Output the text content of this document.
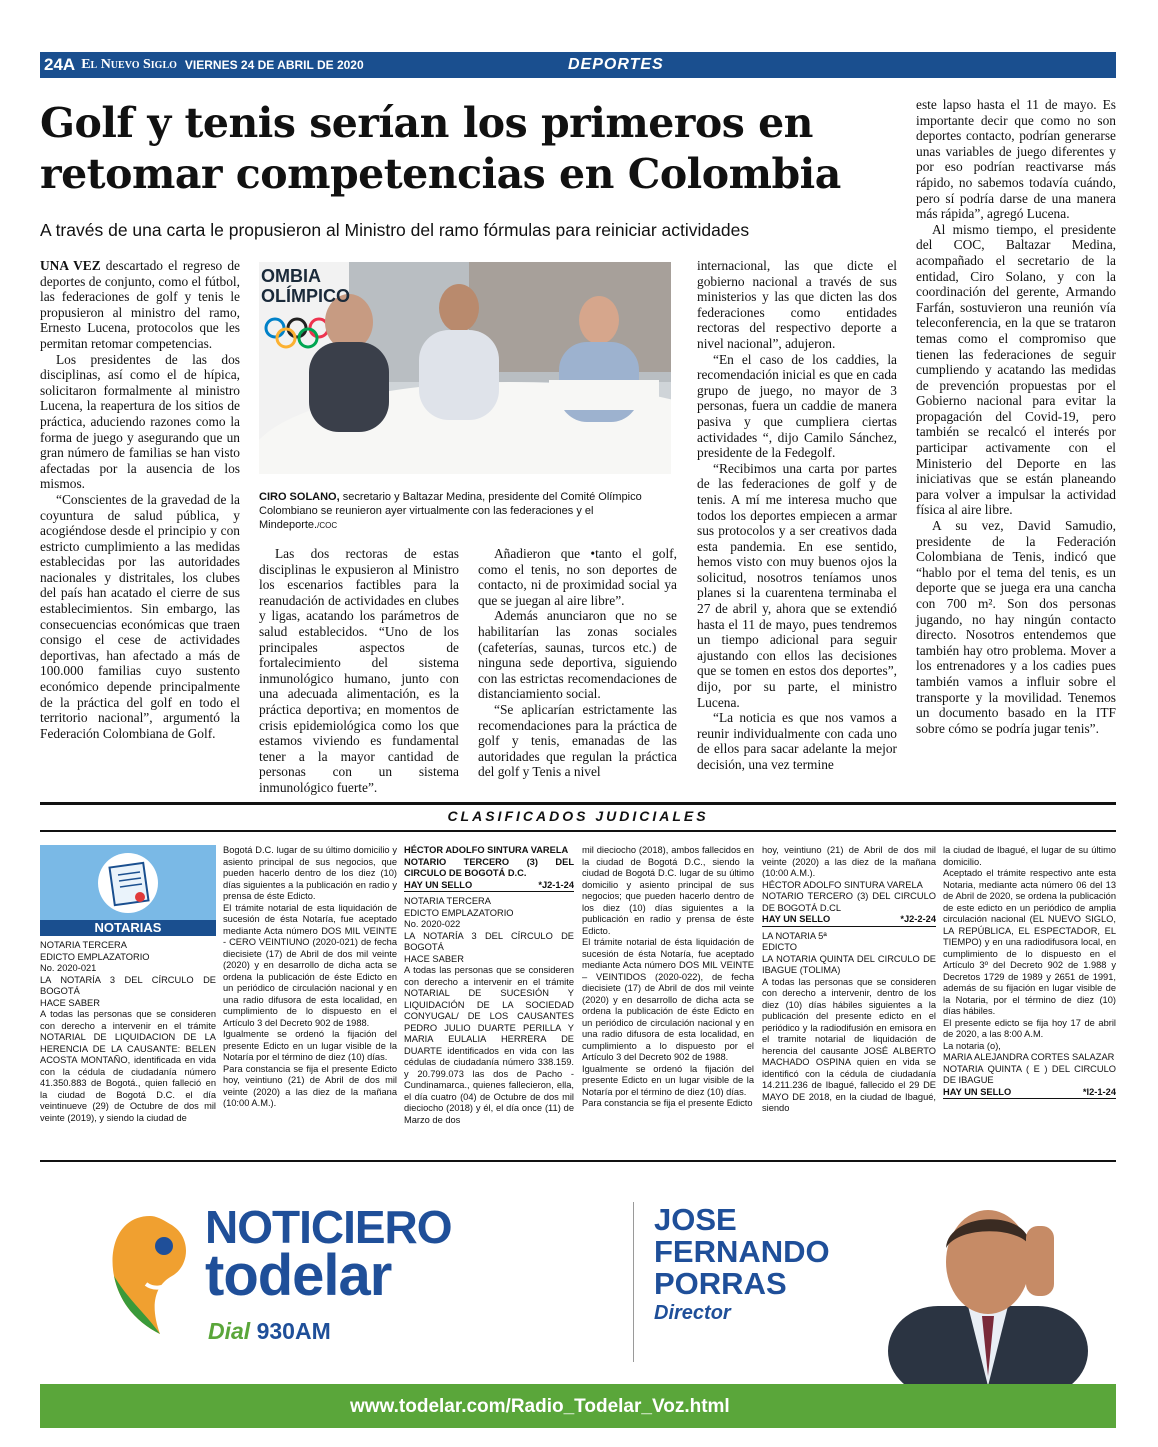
24A El Nuevo Siglo VIERNES 24 DE ABRIL DE 2020	DEPORTES
Golf y tenis serían los primeros en retomar competencias en Colombia
A través de una carta le propusieron al Ministro del ramo fórmulas para reiniciar actividades

UNA VEZ descartado el regreso de deportes de conjunto, como el fútbol, las federaciones de golf y tenis le propusieron al ministro del ramo, Ernesto Lucena, protocolos que les permitan retomar competencias.

Los presidentes de las dos disciplinas, así como el de hípica, solicitaron formalmente al ministro Lucena, la reapertura de los sitios de práctica, aduciendo razones como la forma de juego y asegurando que un gran número de familias se han visto afectadas por la ausencia de los mismos.

“Conscientes de la gravedad de la coyuntura de salud pública, y acogiéndose desde el principio y con estricto cumplimiento a las medidas establecidas por las autoridades nacionales y distritales, los clubes del país han acatado el cierre de sus establecimientos. Sin embargo, las consecuencias económicas que traen consigo el cese de actividades deportivas, han afectado a más de 100.000 familias cuyo sustento económico depende principalmente de la práctica del golf en todo el territorio nacional”, argumentó la Federación Colombiana de Golf.

OMBIA
OLÍMPICO
CIRO SOLANO, secretario y Baltazar Medina, presidente del Comité Olímpico Colombiano se reunieron ayer virtualmente con las federaciones y el Mindeporte./COC

Las dos rectoras de estas disciplinas le expusieron al Ministro los escenarios factibles para la reanudación de actividades en clubes y ligas, acatando los parámetros de salud establecidos. “Uno de los principales aspectos de fortalecimiento del sistema inmunológico humano, junto con una adecuada alimentación, es la práctica deportiva; en momentos de crisis epidemiológica como los que estamos viviendo es fundamental tener a la mayor cantidad de personas con un sistema inmunológico fuerte”.

Añadieron que •tanto el golf, como el tenis, no son deportes de contacto, ni de proximidad social ya que se juegan al aire libre”.

Además anunciaron que no se habilitarían las zonas sociales (cafeterías, saunas, turcos etc.) de ninguna sede deportiva, siguiendo con las estrictas recomendaciones de distanciamiento social.

“Se aplicarían estrictamente las recomendaciones para la práctica de golf y tenis, emanadas de las autoridades que regulan la práctica del golf y Tenis a nivel

internacional, las que dicte el gobierno nacional a través de sus ministerios y las que dicten las dos federaciones como entidades rectoras del respectivo deporte a nivel nacional”, adujeron.

“En el caso de los caddies, la recomendación inicial es que en cada grupo de juego, no mayor de 3 personas, fuera un caddie de manera pasiva y que cumpliera ciertas actividades “, dijo Camilo Sánchez, presidente de la Fedegolf.

“Recibimos una carta por partes de las federaciones de golf y de tenis. A mí me interesa mucho que todos los deportes empiecen a armar sus protocolos y a ser creativos dada esta pandemia. En ese sentido, hemos visto con muy buenos ojos la solicitud, nosotros teníamos unos planes si la cuarentena terminaba el 27 de abril y, ahora que se extendió hasta el 11 de mayo, pues tendremos un tiempo adicional para seguir ajustando con ellos las decisiones que se tomen en estos dos deportes”, dijo, por su parte, el ministro Lucena.

“La noticia es que nos vamos a reunir individualmente con cada uno de ellos para sacar adelante la mejor decisión, una vez termine

este lapso hasta el 11 de mayo. Es importante decir que como no son deportes contacto, podrían generarse unas variables de juego diferentes y por eso podrían reactivarse más rápido, no sabemos todavía cuándo, pero sí podría darse de una manera más rápida”, agregó Lucena.

Al mismo tiempo, el presidente del COC, Baltazar Medina, acompañado el secretario de la entidad, Ciro Solano, y con la coordinación del gerente, Armando Farfán, sostuvieron una reunión vía teleconferencia, en la que se trataron temas como el compromiso que tienen las federaciones de seguir cumpliendo y acatando las medidas de prevención propuestas por el Gobierno nacional para evitar la propagación del Covid-19, pero también se recalcó el interés por participar activamente con el Ministerio del Deporte en las iniciativas que se están planeando para volver a impulsar la actividad física al aire libre.

A su vez, David Samudio, presidente de la Federación Colombiana de Tenis, indicó que “hablo por el tema del tenis, es un deporte que se juega era una cancha con 700 m². Son dos personas jugando, no hay ningún contacto directo. Nosotros entendemos que también hay otro problema. Mover a los entrenadores y a los cadies pues también vamos a influir sobre el transporte y la movilidad. Tenemos un documento basado en la ITF sobre cómo se podría jugar tenis”.

CLASIFICADOS JUDICIALES
NOTARIAS
NOTARIA TERCERA
EDICTO EMPLAZATORIO
No. 2020-021
LA NOTARÍA 3 DEL CÍRCULO DE BOGOTÁ
HACE SABER
A todas las personas que se consideren con derecho a intervenir en el trámite NOTARIAL DE LIQUIDACION DE LA HERENCIA DE LA CAUSANTE: BELEN ACOSTA MONTAÑO, identificada en vida con la cédula de ciudadanía número 41.350.883 de Bogotá., quien falleció en la ciudad de Bogotá D.C. el día veintinueve (29) de Octubre de dos mil veinte (2019), y siendo la ciudad de
Bogotá D.C. lugar de su último domicilio y asiento principal de sus negocios, que pueden hacerlo dentro de los diez (10) días siguientes a la publicación en radio y prensa de éste Edicto.
El trámite notarial de esta liquidación de sucesión de ésta Notaría, fue aceptado mediante Acta número DOS MIL VEINTE - CERO VEINTIUNO (2020-021) de fecha diecisiete (17) de Abril de dos mil veinte (2020) y en desarrollo de dicha acta se ordena la publicación de éste Edicto en un periódico de circulación nacional y en una radio difusora de esta localidad, en cumplimiento de lo dispuesto en el Artículo 3 del Decreto 902 de 1988.
Igualmente se ordenó la fijación del presente Edicto en un lugar visible de la Notaría por el término de diez (10) días.
Para constancia se fija el presente Edicto hoy, veintiuno (21) de Abril de dos mil veinte (2020) a las diez de la mañana (10:00 A.M.).
HÉCTOR ADOLFO SINTURA VARELA
NOTARIO TERCERO (3) DEL CIRCULO DE BOGOTÁ D.C.
HAY UN SELLO	*J2-1-24
NOTARIA TERCERA
EDICTO EMPLAZATORIO
No. 2020-022
LA NOTARÍA 3 DEL CÍRCULO DE BOGOTÁ
HACE SABER
A todas las personas que se consideren con derecho a intervenir en el trámite NOTARIAL DE SUCESIÓN Y LIQUIDACIÓN DE LA SOCIEDAD CONYUGAL/ DE LOS CAUSANTES PEDRO JULIO DUARTE PERILLA Y MARIA EULALIA HERRERA DE DUARTE identificados en vida con las cédulas de ciudadanía número 338.159. y 20.799.073 las dos de Pacho - Cundinamarca., quienes fallecieron, ella, el día cuatro (04) de Octubre de dos mil dieciocho (2018) y él, el día once (11) de Marzo de dos
mil dieciocho (2018), ambos fallecidos en la ciudad de Bogotá D.C., siendo la ciudad de Bogotá D.C. lugar de su último domicilio y asiento principal de sus negocios; que pueden hacerlo dentro de los diez (10) días siguientes a la publicación en radio y prensa de éste Edicto.
El trámite notarial de ésta liquidación de sucesión de ésta Notaría, fue aceptado mediante Acta número DOS MIL VEINTE – VEINTIDOS (2020-022), de fecha diecisiete (17) de Abril de dos mil veinte (2020) y en desarrollo de dicha acta se ordena la publicación de éste Edicto en un periódico de circulación nacional y en una radio difusora de esta localidad, en cumplimiento a lo dispuesto por el Artículo 3 del Decreto 902 de 1988.
Igualmente se ordenó la fijación del presente Edicto en un lugar visible de la Notaría por el término de diez (10) días.
Para constancia se fija el presente Edicto
hoy, veintiuno (21) de Abril de dos mil veinte (2020) a las diez de la mañana (10:00 A.M.).
HÉCTOR ADOLFO SINTURA VARELA
NOTARIO TERCERO (3) DEL CIRCULO DE BOGOTÁ D.CL
HAY UN SELLO	*J2-2-24
LA NOTARIA 5ª
EDICTO
LA NOTARIA QUINTA DEL CIRCULO DE IBAGUE (TOLIMA)
A todas las personas que se consideren con derecho a intervenir, dentro de los diez (10) días hábiles siguientes a la publicación del presente edicto en el periódico y la radiodifusión en emisora en el tramite notarial de liquidación de herencia del causante JOSÉ ALBERTO MACHADO OSPINA quien en vida se identificó con la cédula de ciudadanía 14.211.236 de Ibagué, fallecido el 29 DE MAYO DE 2018, en la ciudad de Ibagué, siendo
la ciudad de Ibagué, el lugar de su último domicilio.
Aceptado el trámite respectivo ante esta Notaria, mediante acta número 06 del 13 de Abril de 2020, se ordena la publicación de este edicto en un periódico de amplia circulación nacional (EL NUEVO SIGLO, LA REPÚBLICA, EL ESPECTADOR, EL TIEMPO) y en una radiodifusora local, en cumplimiento de lo dispuesto en el Artículo 3º del Decreto 902 de 1.988 y Decretos 1729 de 1989 y 2651 de 1991, además de su fijación en lugar visible de la Notaria, por el término de diez (10) días hábiles.
El presente edicto se fija hoy 17 de abril de 2020, a las 8:00 A.M.
La notaria (o),
MARIA ALEJANDRA CORTES SALAZAR
NOTARIA QUINTA ( E ) DEL CIRCULO DE IBAGUE
HAY UN SELLO	*I2-1-24
NOTICIERO
todelar
Dial 930AM
JOSE
FERNANDO
PORRAS
Director
www.todelar.com/Radio_Todelar_Voz.html
